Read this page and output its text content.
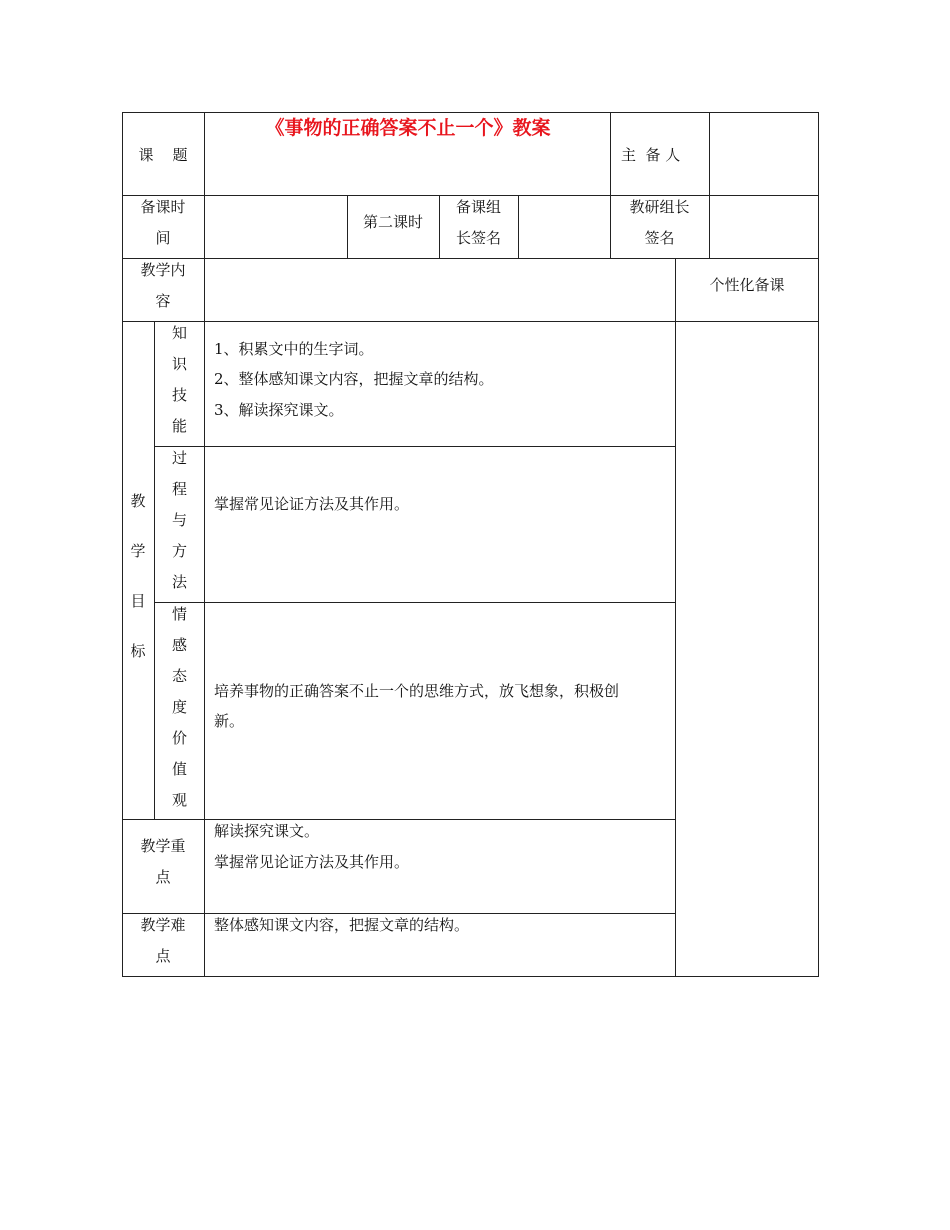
课    题
《事物的正确答案不止一个》教案
主  备 人
备课时
间
第二课时
备课组
长签名
教研组长
签名
教学内
容
个性化备课
教
学
目
标
知
识
技
能
1、积累文中的生字词。
2、整体感知课文内容，把握文章的结构。
3、解读探究课文。
过
程
与
方
法
掌握常见论证方法及其作用。
情
感
态
度
价
值
观
培养事物的正确答案不止一个的思维方式，放飞想象，积极创
新。
教学重
点
解读探究课文。
掌握常见论证方法及其作用。
教学难
点
整体感知课文内容，把握文章的结构。
